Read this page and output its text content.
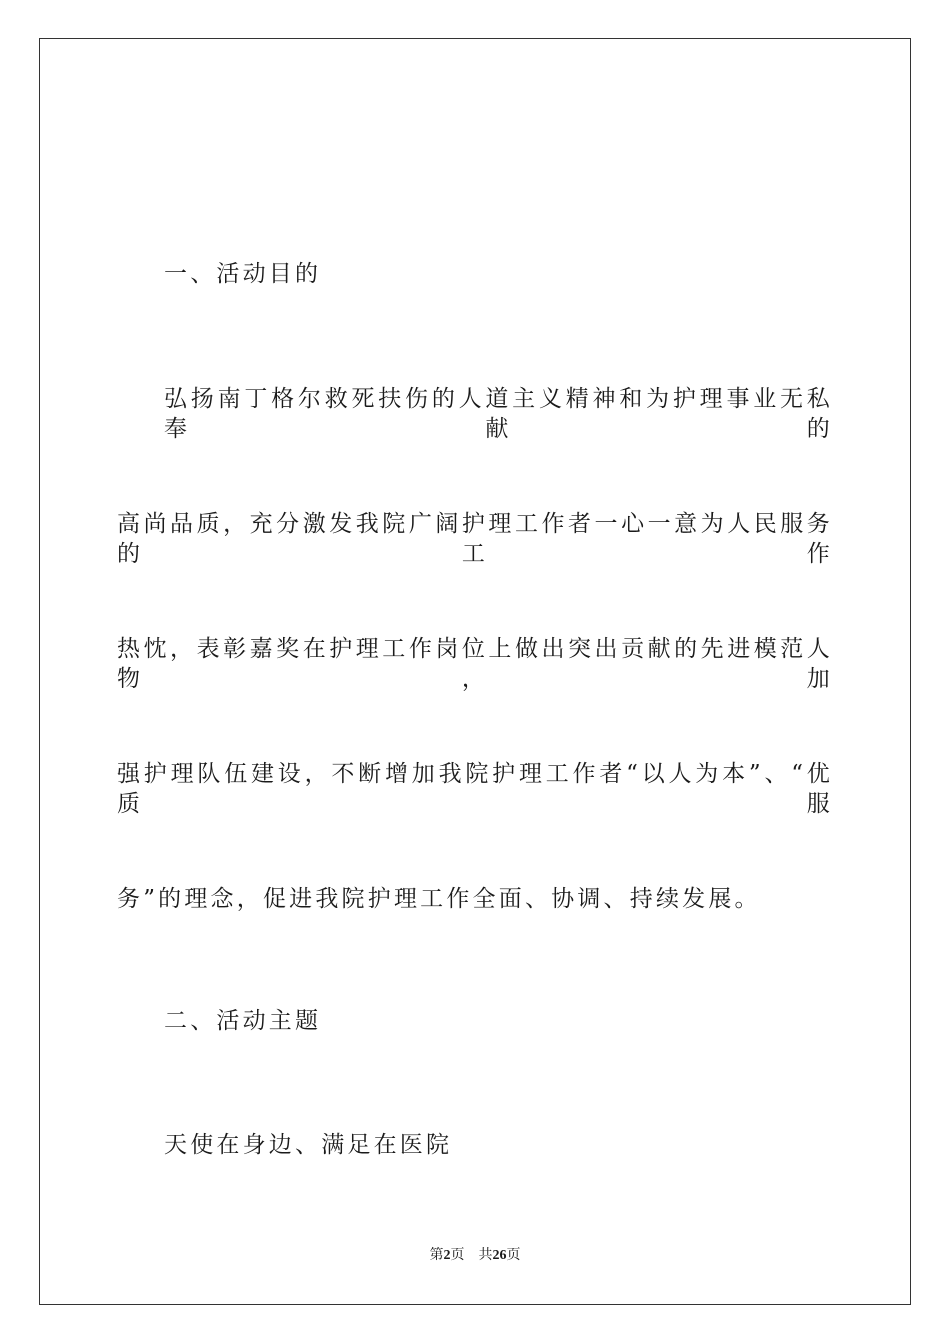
一、活动目的
弘扬南丁格尔救死扶伤的人道主义精神和为护理事业无私奉献的
高尚品质，充分激发我院广阔护理工作者一心一意为人民服务的工作
热忱，表彰嘉奖在护理工作岗位上做出突出贡献的先进模范人物，加
强护理队伍建设，不断增加我院护理工作者“以人为本”、“优质服
务”的理念，促进我院护理工作全面、协调、持续发展。
二、活动主题
天使在身边、满足在医院
第2页 共26页
